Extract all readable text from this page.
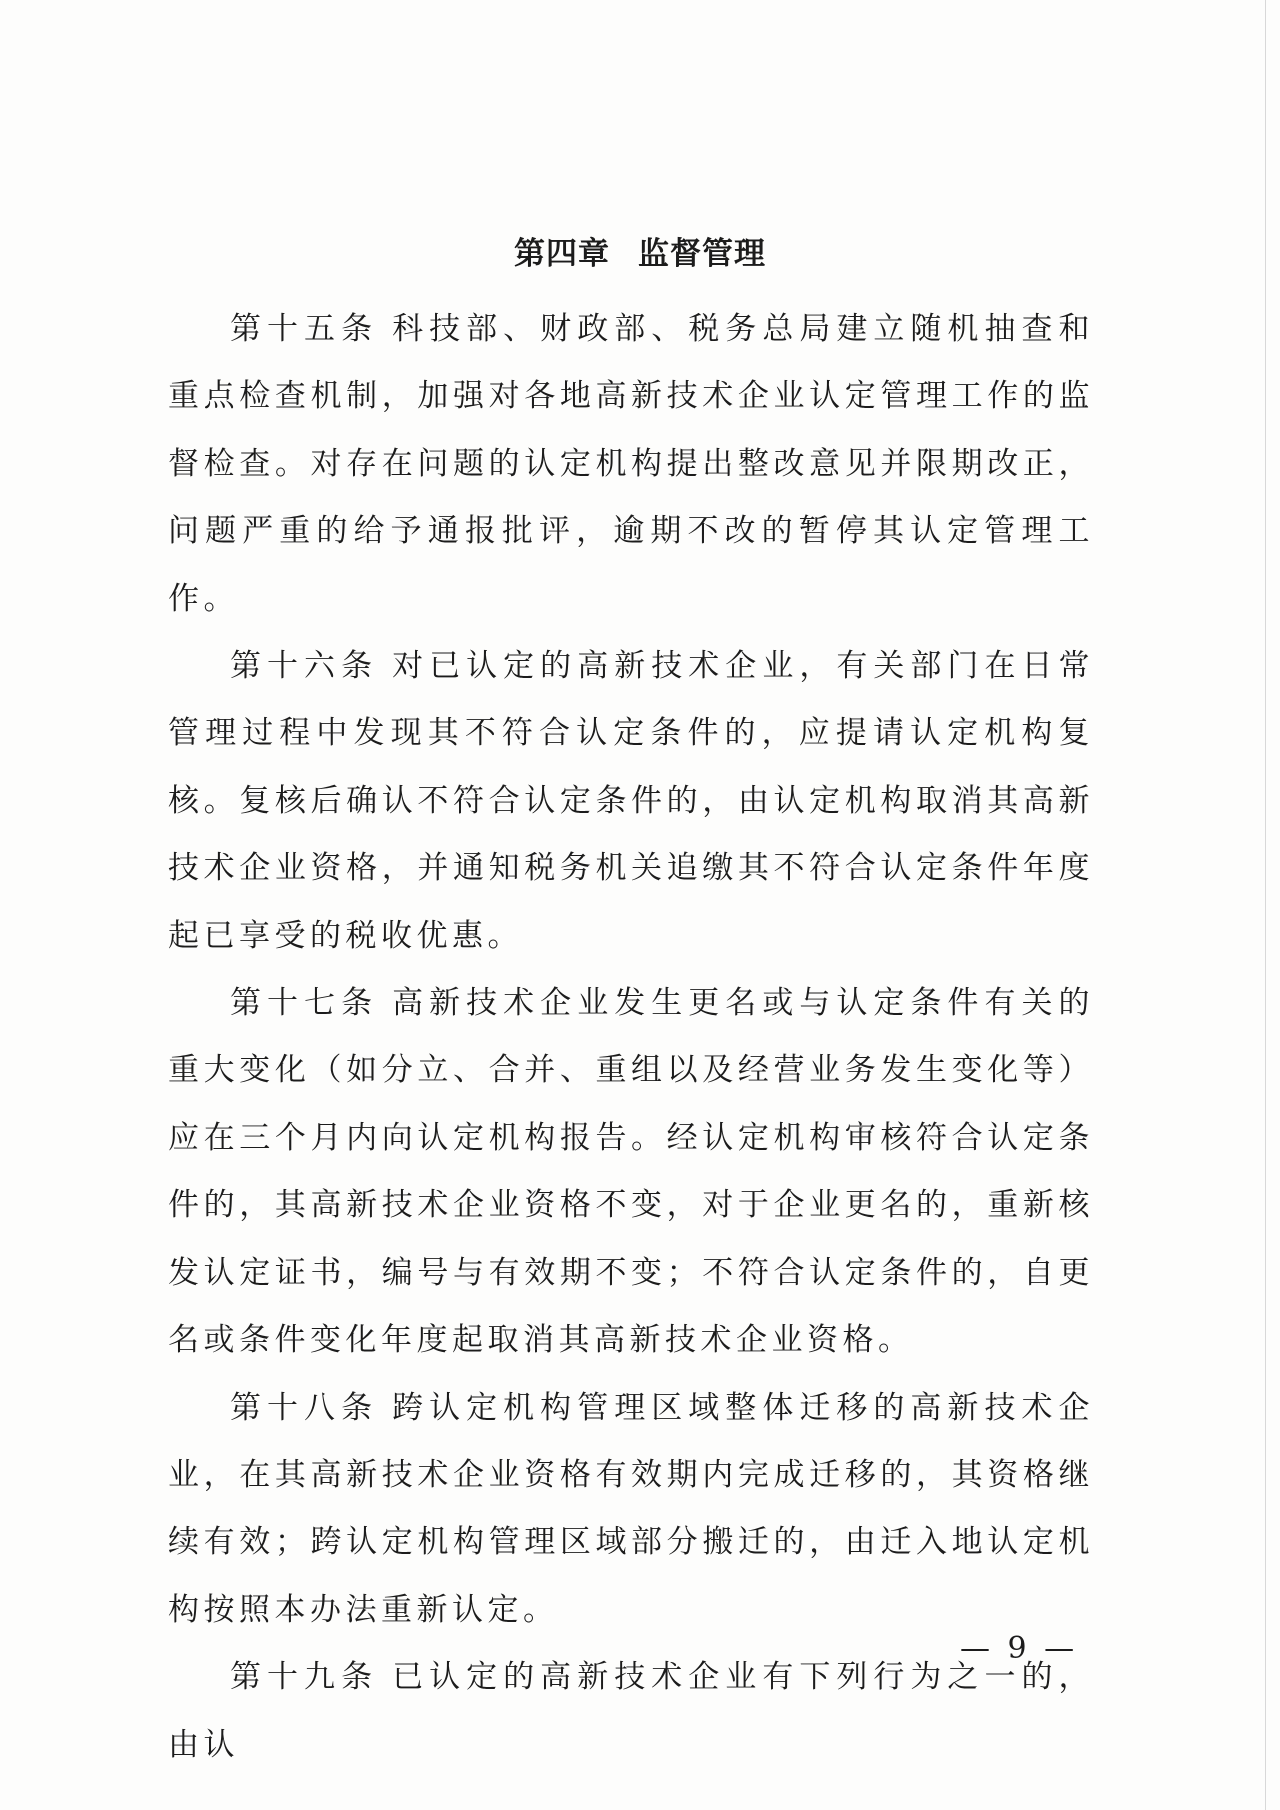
第四章 监督管理

第十五条 科技部、财政部、税务总局建立随机抽查和重点检查机制，加强对各地高新技术企业认定管理工作的监督检查。对存在问题的认定机构提出整改意见并限期改正，问题严重的给予通报批评，逾期不改的暂停其认定管理工作。

第十六条 对已认定的高新技术企业，有关部门在日常管理过程中发现其不符合认定条件的，应提请认定机构复核。复核后确认不符合认定条件的，由认定机构取消其高新技术企业资格，并通知税务机关追缴其不符合认定条件年度起已享受的税收优惠。

第十七条 高新技术企业发生更名或与认定条件有关的重大变化（如分立、合并、重组以及经营业务发生变化等）应在三个月内向认定机构报告。经认定机构审核符合认定条件的，其高新技术企业资格不变，对于企业更名的，重新核发认定证书，编号与有效期不变；不符合认定条件的，自更名或条件变化年度起取消其高新技术企业资格。

第十八条 跨认定机构管理区域整体迁移的高新技术企业，在其高新技术企业资格有效期内完成迁移的，其资格继续有效；跨认定机构管理区域部分搬迁的，由迁入地认定机构按照本办法重新认定。

第十九条 已认定的高新技术企业有下列行为之一的，由认

— 9 —
